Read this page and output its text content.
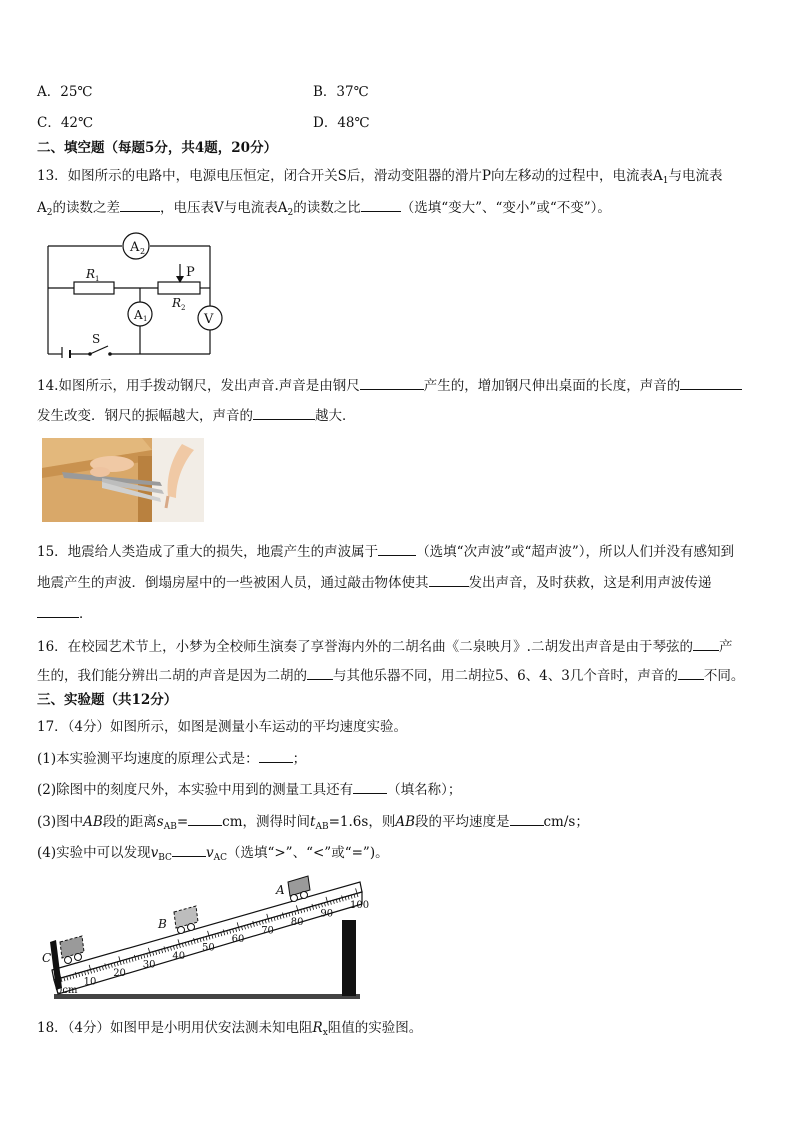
A．25℃	B．37℃
C．42℃	D．48℃
二、填空题（每题5分，共4题，20分）
13．如图所示的电路中，电源电压恒定，闭合开关S后，滑动变阻器的滑片P向左移动的过程中，电流表$A_1$与电流表
$A_2$的读数之差	，电压表V与电流表$A_2$的读数之比	（选填“变大”、“变小”或“不变”）。
A 2
R 1	P
R 2
A 1	V
S
14.如图所示，用手拨动钢尺，发出声音.声音是由钢尺	产生的，增加钢尺伸出桌面的长度，声音的
发生改变．钢尺的振幅越大，声音的	越大．
15．地震给人类造成了重大的损失，地震产生的声波属于	（选填“次声波”或“超声波”），所以人们并没有感知到
地震产生的声波．倒塌房屋中的一些被困人员，通过敲击物体使其	发出声音，及时获救，这是利用声波传递
．
16．在校园艺术节上，小梦为全校师生演奏了享誉海内外的二胡名曲《二泉映月》.二胡发出声音是由于琴弦的 产
生的，我们能分辨出二胡的声音是因为二胡的 与其他乐器不同，用二胡拉5、6、4、3几个音时，声音的 不同。
三、实验题（共12分）
17．（4分）如图所示，如图是测量小车运动的平均速度实验。
(1)本实验测平均速度的原理公式是：	；
(2)除图中的刻度尺外，本实验中用到的测量工具还有	（填名称）；
(3)图中AB段的距离$s_{AB}=$	cm，测得时间$t_{AB}=1.6s$，则AB段的平均速度是	cm/s；
(4)实验中可以发现$v_{BC}$	$v_{AC}$（选填“>”、“<”或“=”)。
0cm
10
20
30
40
50
60
70
80
90
100
A
B
C
18．（4分）如图甲是小明用伏安法测未知电阻$R_x$阻值的实验图。
